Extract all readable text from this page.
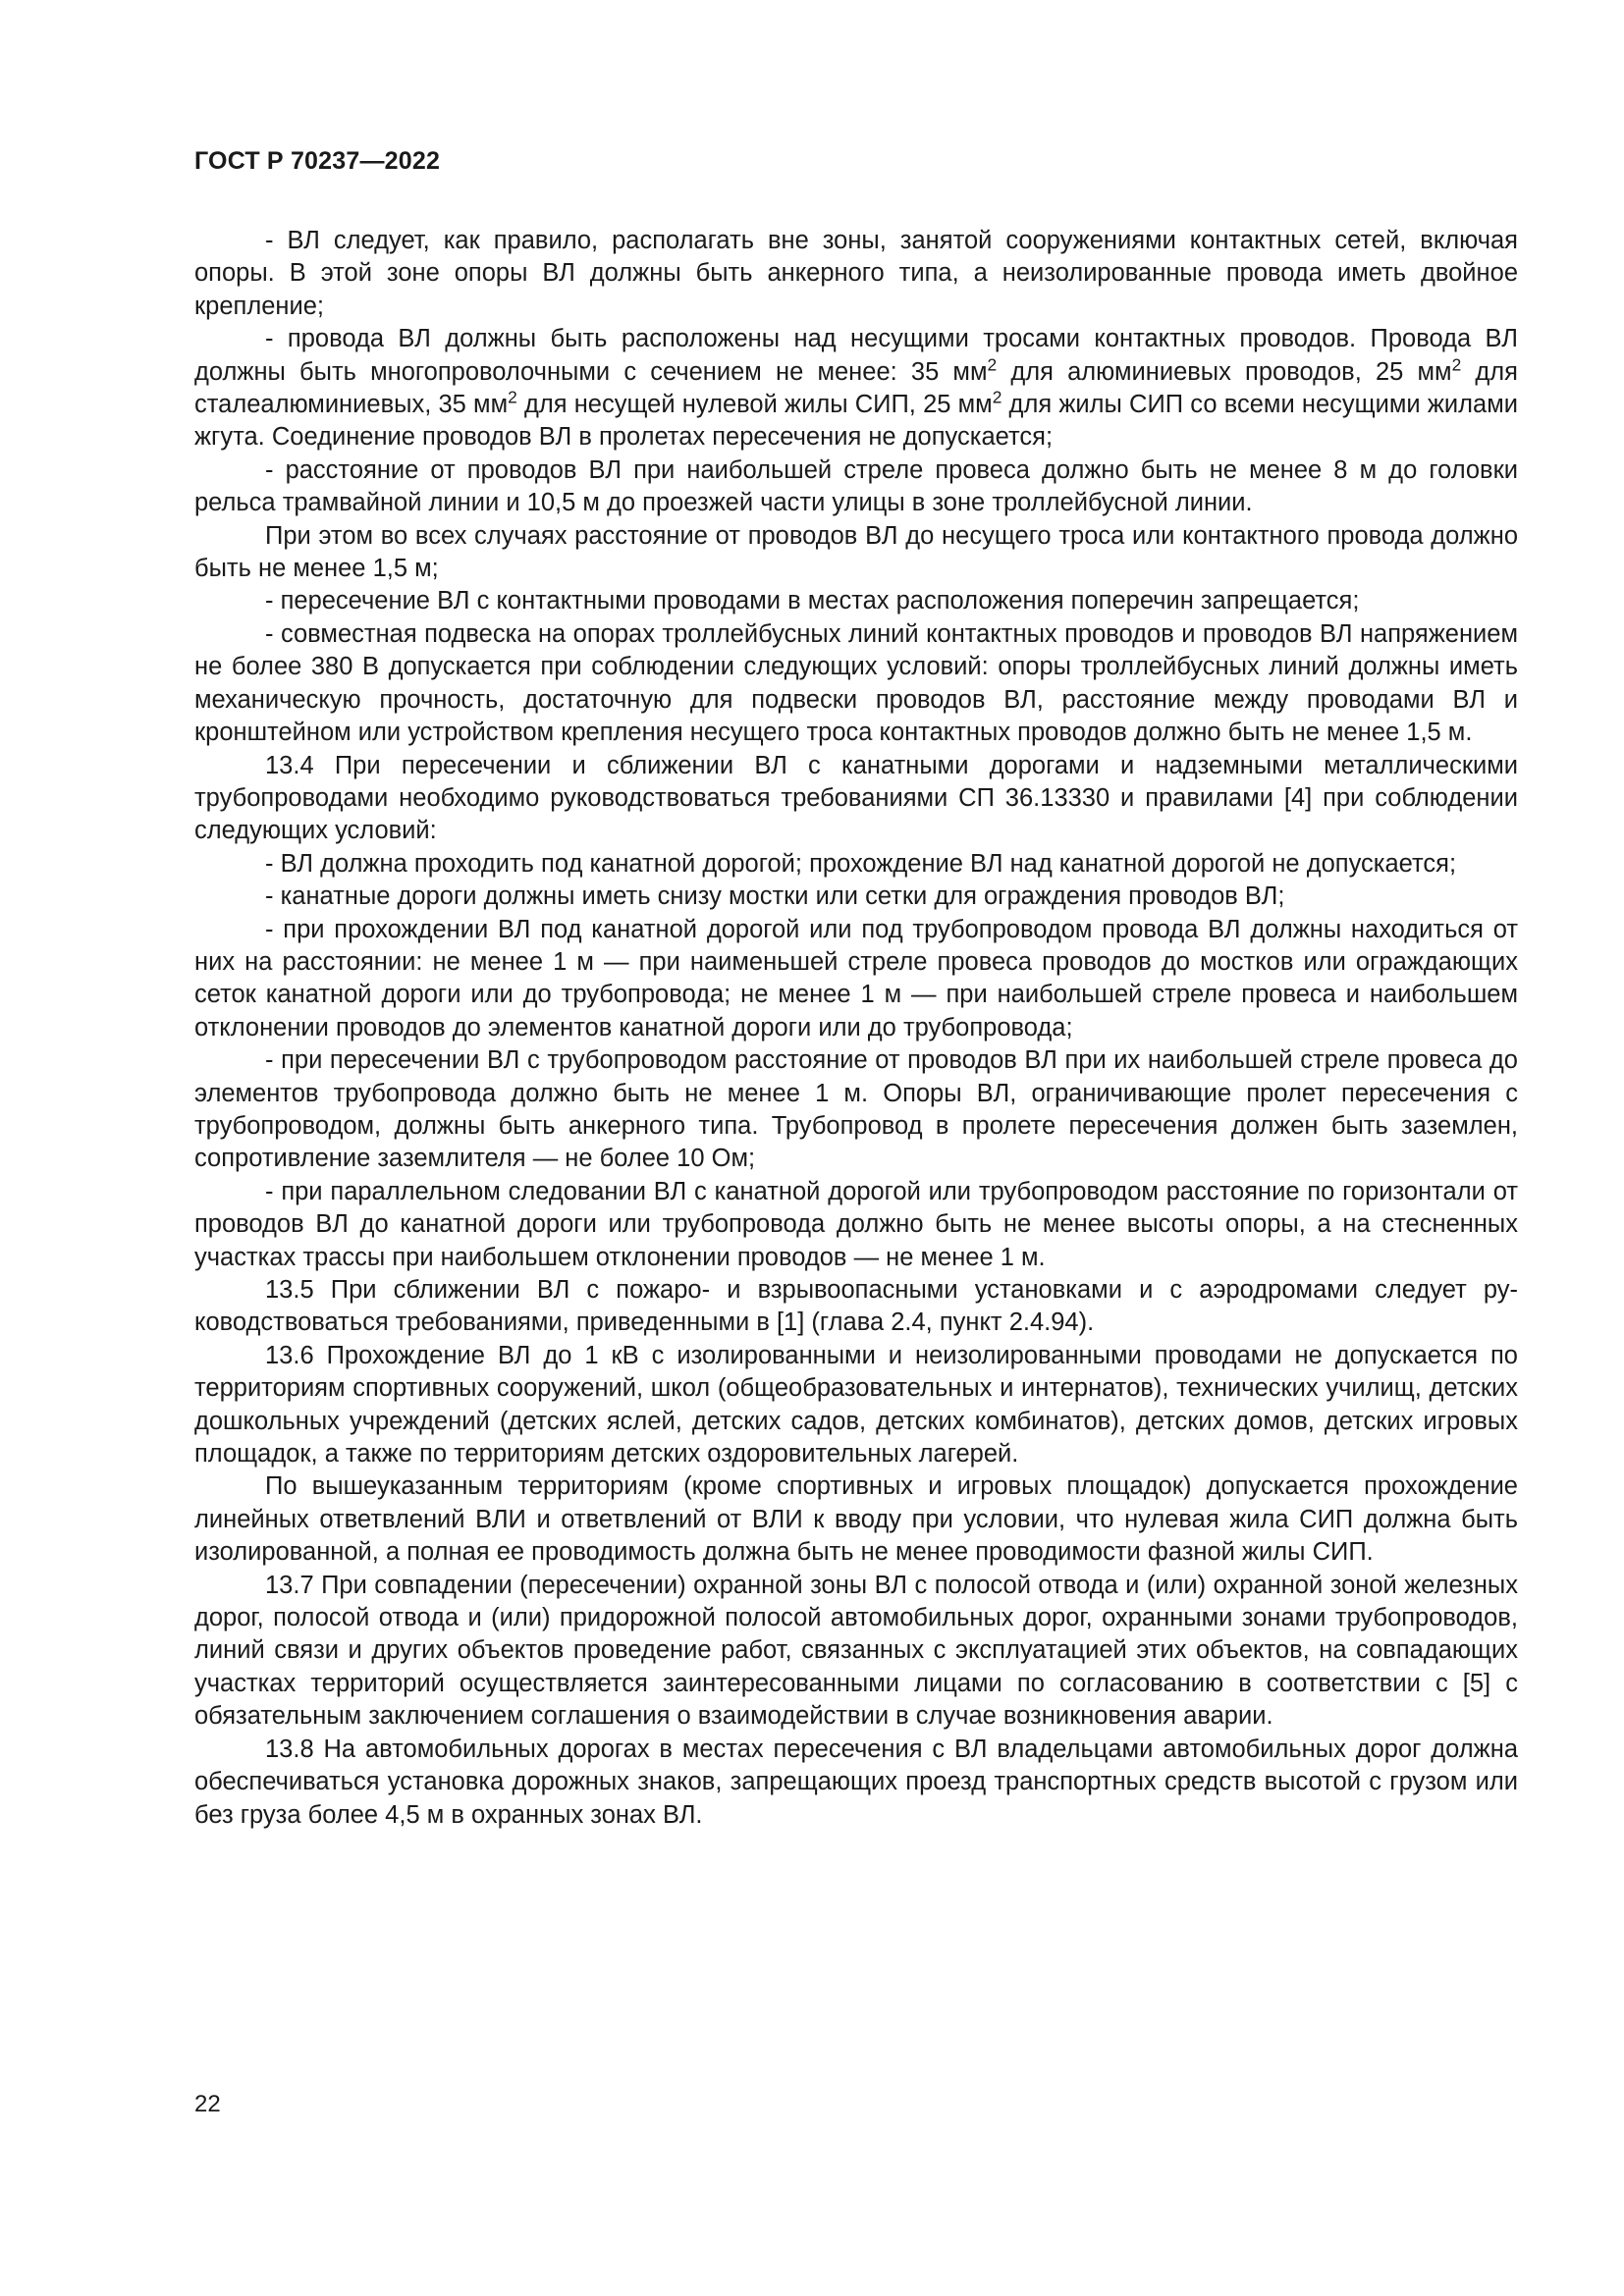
ГОСТ Р 70237—2022

- ВЛ следует, как правило, располагать вне зоны, занятой сооружениями контактных сетей, включая опоры. В этой зоне опоры ВЛ должны быть анкерного типа, а неизолированные провода иметь двойное крепление;

- провода ВЛ должны быть расположены над несущими тросами контактных проводов. Провода ВЛ должны быть многопроволочными с сечением не менее: 35 $мм^2$ для алюминиевых проводов, 25 $мм^2$ для сталеалюминиевых, 35 $мм^2$ для несущей нулевой жилы СИП, 25 $мм^2$ для жилы СИП со всеми несущими жилами жгута. Соединение проводов ВЛ в пролетах пересечения не допускается;

- расстояние от проводов ВЛ при наибольшей стреле провеса должно быть не менее 8 м до головки рельса трамвайной линии и 10,5 м до проезжей части улицы в зоне троллейбусной линии.

При этом во всех случаях расстояние от проводов ВЛ до несущего троса или контактного провода должно быть не менее 1,5 м;

- пересечение ВЛ с контактными проводами в местах расположения поперечин запрещается;

- совместная подвеска на опорах троллейбусных линий контактных проводов и проводов ВЛ напряжением не более 380 В допускается при соблюдении следующих условий: опоры троллейбусных линий должны иметь механическую прочность, достаточную для подвески проводов ВЛ, расстояние между проводами ВЛ и кронштейном или устройством крепления несущего троса контактных проводов должно быть не менее 1,5 м.

13.4 При пересечении и сближении ВЛ с канатными дорогами и надземными металлическими трубопроводами необходимо руководствоваться требованиями СП 36.13330 и правилами [4] при соблюдении следующих условий:

- ВЛ должна проходить под канатной дорогой; прохождение ВЛ над канатной дорогой не допускается;

- канатные дороги должны иметь снизу мостки или сетки для ограждения проводов ВЛ;

- при прохождении ВЛ под канатной дорогой или под трубопроводом провода ВЛ должны находиться от них на расстоянии: не менее 1 м — при наименьшей стреле провеса проводов до мостков или ограждающих сеток канатной дороги или до трубопровода; не менее 1 м — при наибольшей стреле провеса и наибольшем отклонении проводов до элементов канатной дороги или до трубопровода;

- при пересечении ВЛ с трубопроводом расстояние от проводов ВЛ при их наибольшей стреле провеса до элементов трубопровода должно быть не менее 1 м. Опоры ВЛ, ограничивающие пролет пересечения с трубопроводом, должны быть анкерного типа. Трубопровод в пролете пересечения должен быть заземлен, сопротивление заземлителя — не более 10 Ом;

- при параллельном следовании ВЛ с канатной дорогой или трубопроводом расстояние по горизонтали от проводов ВЛ до канатной дороги или трубопровода должно быть не менее высоты опоры, а на стесненных участках трассы при наибольшем отклонении проводов — не менее 1 м.

13.5 При сближении ВЛ с пожаро- и взрывоопасными установками и с аэродромами следует руководствоваться требованиями, приведенными в [1] (глава 2.4, пункт 2.4.94).

13.6 Прохождение ВЛ до 1 кВ с изолированными и неизолированными проводами не допускается по территориям спортивных сооружений, школ (общеобразовательных и интернатов), технических училищ, детских дошкольных учреждений (детских яслей, детских садов, детских комбинатов), детских домов, детских игровых площадок, а также по территориям детских оздоровительных лагерей.

По вышеуказанным территориям (кроме спортивных и игровых площадок) допускается прохождение линейных ответвлений ВЛИ и ответвлений от ВЛИ к вводу при условии, что нулевая жила СИП должна быть изолированной, а полная ее проводимость должна быть не менее проводимости фазной жилы СИП.

13.7 При совпадении (пересечении) охранной зоны ВЛ с полосой отвода и (или) охранной зоной железных дорог, полосой отвода и (или) придорожной полосой автомобильных дорог, охранными зонами трубопроводов, линий связи и других объектов проведение работ, связанных с эксплуатацией этих объектов, на совпадающих участках территорий осуществляется заинтересованными лицами по согласованию в соответствии с [5] с обязательным заключением соглашения о взаимодействии в случае возникновения аварии.

13.8 На автомобильных дорогах в местах пересечения с ВЛ владельцами автомобильных дорог должна обеспечиваться установка дорожных знаков, запрещающих проезд транспортных средств высотой с грузом или без груза более 4,5 м в охранных зонах ВЛ.

22
